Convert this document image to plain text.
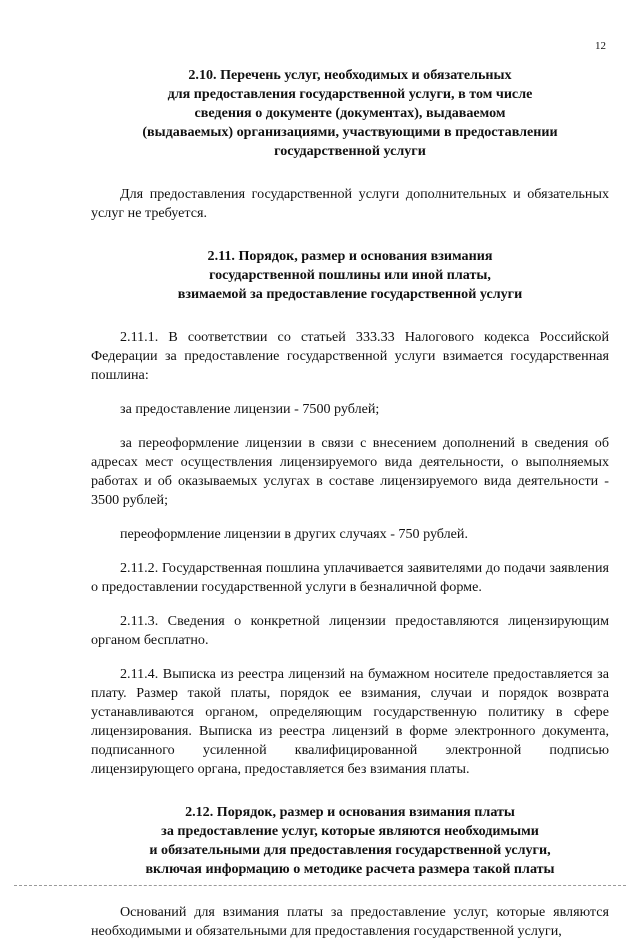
12
2.10. Перечень услуг, необходимых и обязательных
для предоставления государственной услуги, в том числе
сведения о документе (документах), выдаваемом
(выдаваемых) организациями, участвующими в предоставлении
государственной услуги

Для предоставления государственной услуги дополнительных и обязательных услуг не требуется.

2.11. Порядок, размер и основания взимания
государственной пошлины или иной платы,
взимаемой за предоставление государственной услуги

2.11.1. В соответствии со статьей 333.33 Налогового кодекса Российской Федерации за предоставление государственной услуги взимается государственная пошлина:

за предоставление лицензии - 7500 рублей;

за переоформление лицензии в связи с внесением дополнений в сведения об адресах мест осуществления лицензируемого вида деятельности, о выполняемых работах и об оказываемых услугах в составе лицензируемого вида деятельности - 3500 рублей;

переоформление лицензии в других случаях - 750 рублей.

2.11.2. Государственная пошлина уплачивается заявителями до подачи заявления о предоставлении государственной услуги в безналичной форме.

2.11.3. Сведения о конкретной лицензии предоставляются лицензирующим органом бесплатно.

2.11.4. Выписка из реестра лицензий на бумажном носителе предоставляется за плату. Размер такой платы, порядок ее взимания, случаи и порядок возврата устанавливаются органом, определяющим государственную политику в сфере лицензирования. Выписка из реестра лицензий в форме электронного документа, подписанного усиленной квалифицированной электронной подписью лицензирующего органа, предоставляется без взимания платы.

2.12. Порядок, размер и основания взимания платы
за предоставление услуг, которые являются необходимыми
и обязательными для предоставления государственной услуги,
включая информацию о методике расчета размера такой платы

Оснований для взимания платы за предоставление услуг, которые являются необходимыми и обязательными для предоставления государственной услуги,
